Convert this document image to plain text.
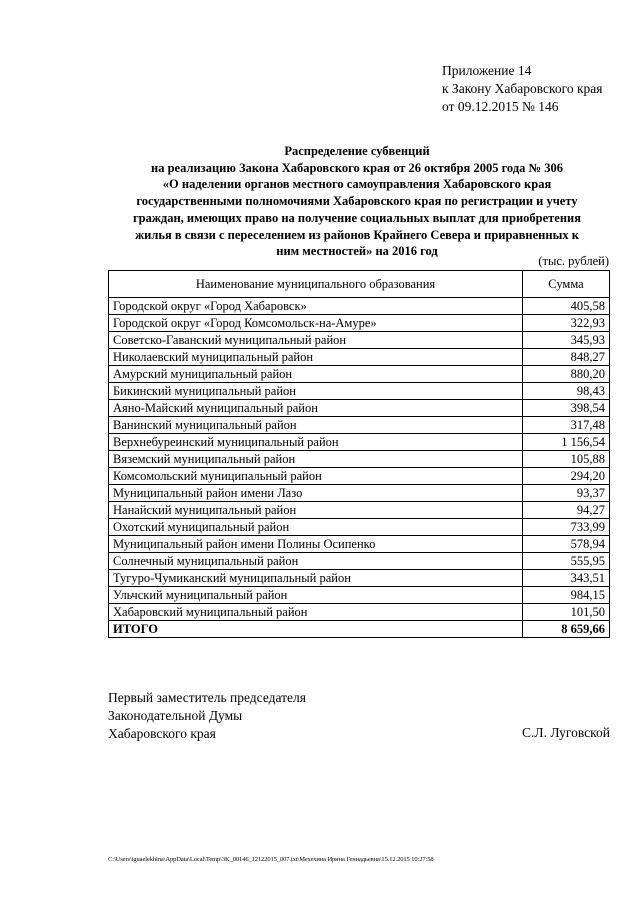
Приложение 14
к Закону Хабаровского края
от 09.12.2015 № 146
Распределение субвенций
на реализацию Закона Хабаровского края от 26 октября 2005 года № 306
«О наделении органов местного самоуправления Хабаровского края
государственными полномочиями Хабаровского края по регистрации и учету
граждан, имеющих право на получение социальных выплат для приобретения
жилья в связи с переселением из районов Крайнего Севера и приравненных к
ним местностей» на 2016 год
(тыс. рублей)
Наименование муниципального образования	Сумма
Городской округ «Город Хабаровск»	405,58
Городской округ «Город Комсомольск-на-Амуре»	322,93
Советско-Гаванский муниципальный район	345,93
Николаевский муниципальный район	848,27
Амурский муниципальный район	880,20
Бикинский муниципальный район	98,43
Аяно-Майский муниципальный район	398,54
Ванинский муниципальный район	317,48
Верхнебуреинский муниципальный район	1 156,54
Вяземский муниципальный район	105,88
Комсомольский муниципальный район	294,20
Муниципальный район имени Лазо	93,37
Нанайский муниципальный район	94,27
Охотский муниципальный район	733,99
Муниципальный район имени Полины Осипенко	578,94
Солнечный муниципальный район	555,95
Тугуро-Чумиканский муниципальный район	343,51
Ульчский муниципальный район	984,15
Хабаровский муниципальный район	101,50
ИТОГО	8 659,66
Первый заместитель председателя
Законодательной Думы
Хабаровского края	С.Л. Луговской
C:\Users\iguaelekhina\AppData\Local\Temp\3K_00146_12122015_007.txt\Мехехина Ирина Геннадьевна\15.12.2015 10:27:58
